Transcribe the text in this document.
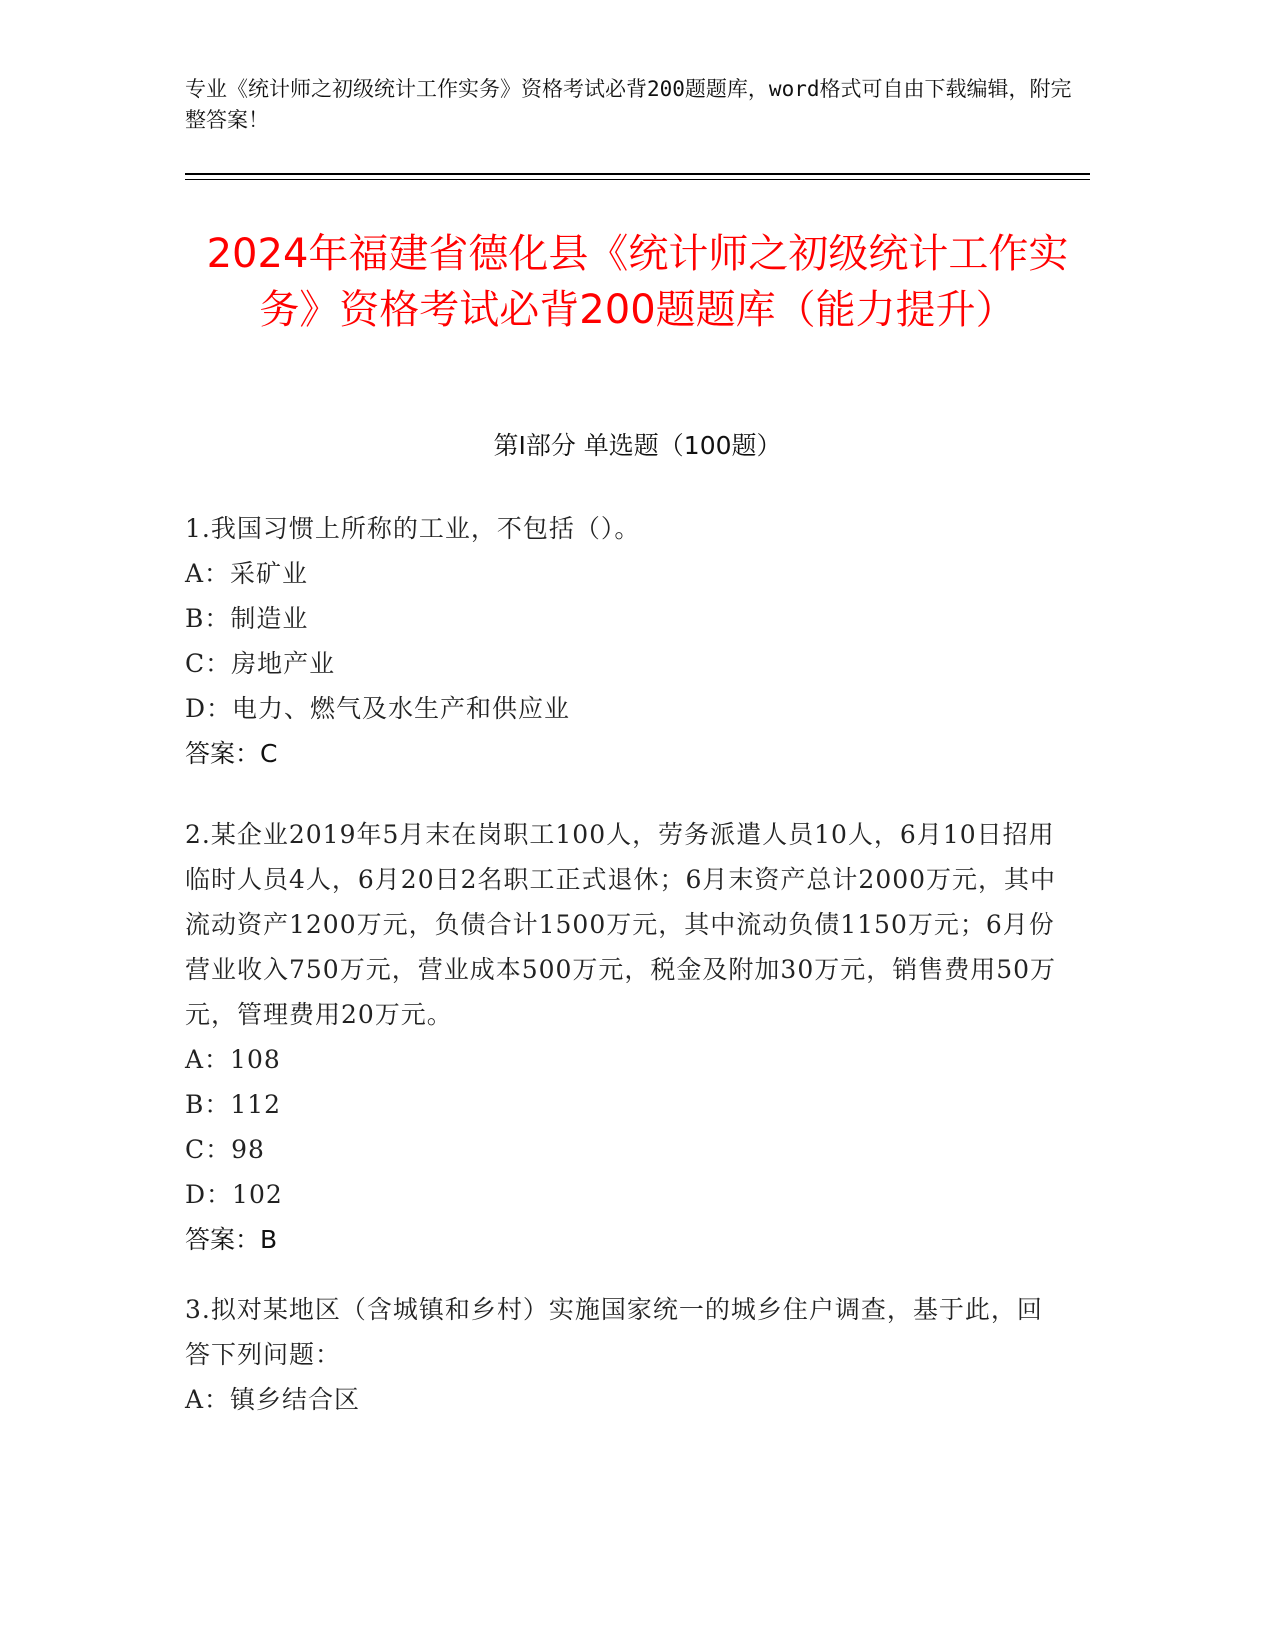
专业《统计师之初级统计工作实务》资格考试必背200题题库，word格式可自由下载编辑，附完整答案！
2024年福建省德化县《统计师之初级统计工作实务》资格考试必背200题题库（能力提升）
第Ⅰ部分 单选题（100题）
1.我国习惯上所称的工业，不包括（）。
A：采矿业
B：制造业
C：房地产业
D：电力、燃气及水生产和供应业
答案：C
2.某企业2019年5月末在岗职工100人，劳务派遣人员10人，6月10日招用临时人员4人，6月20日2名职工正式退休；6月末资产总计2000万元，其中流动资产1200万元，负债合计1500万元，其中流动负债1150万元；6月份营业收入750万元，营业成本500万元，税金及附加30万元，销售费用50万元，管理费用20万元。
A：108
B：112
C：98
D：102
答案：B
3.拟对某地区（含城镇和乡村）实施国家统一的城乡住户调查，基于此，回答下列问题：
A：镇乡结合区
